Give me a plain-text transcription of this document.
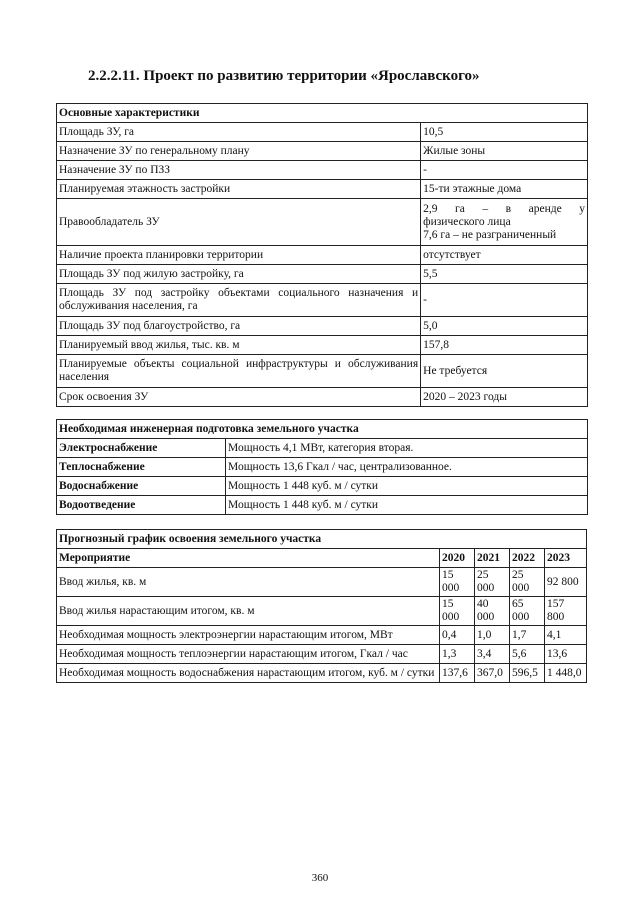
2.2.2.11. Проект по развитию территории «Ярославского»
Основные характеристики	
Площадь ЗУ, га	10,5
Назначение ЗУ по генеральному плану	Жилые зоны
Назначение ЗУ по ПЗЗ	-
Планируемая этажность застройки	15-ти этажные дома
Правообладатель ЗУ	2,9 га – в аренде у
физического лица
7,6 га – не разграниченный

Наличие проекта планировки территории	отсутствует
Площадь ЗУ под жилую застройку, га	5,5
Площадь ЗУ под застройку объектами социального назначения и обслуживания населения, га	-
Площадь ЗУ под благоустройство, га	5,0
Планируемый ввод жилья, тыс. кв. м	157,8
Планируемые объекты социальной инфраструктуры и обслуживания населения	Не требуется
Срок освоения ЗУ	2020 – 2023 годы
Необходимая инженерная подготовка земельного участка	
Электроснабжение	Мощность 4,1 МВт, категория вторая.
Теплоснабжение	Мощность 13,6 Гкал / час, централизованное.
Водоснабжение	Мощность 1 448 куб. м / сутки
Водоотведение	Мощность 1 448 куб. м / сутки
Прогнозный график освоения земельного участка				
Мероприятие	2020	2021	2022	2023
Ввод жилья, кв. м	15 000	25 000	25 000	92 800
Ввод жилья нарастающим итогом, кв. м	15 000	40 000	65 000	157 800
Необходимая мощность электроэнергии нарастающим итогом, МВт	0,4	1,0	1,7	4,1
Необходимая мощность теплоэнергии нарастающим итогом, Гкал / час	1,3	3,4	5,6	13,6
Необходимая мощность водоснабжения нарастающим итогом, куб. м / сутки	137,6	367,0	596,5	1 448,0
360
